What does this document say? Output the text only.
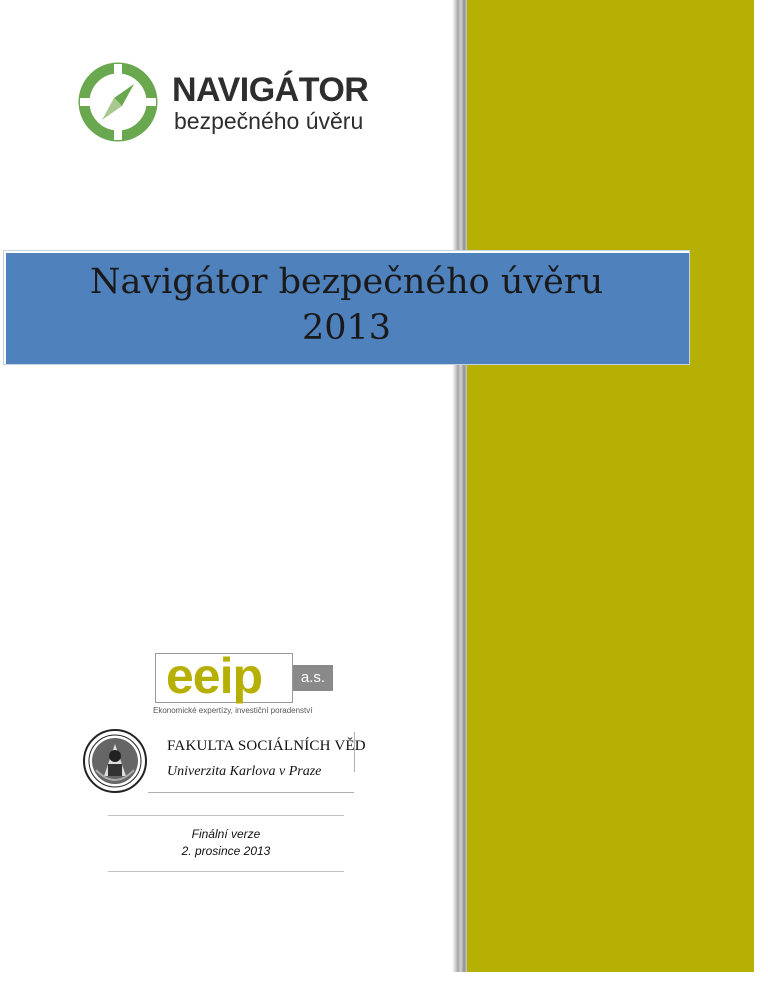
NAVIGÁTOR
bezpečného úvěru
Navigátor bezpečného úvěru
2013
eeip	a.s.
Ekonomické expertízy, investiční poradenství
FAKULTA SOCIÁLNÍCH VĚD
Univerzita Karlova v Praze
Finální verze
2. prosince 2013
